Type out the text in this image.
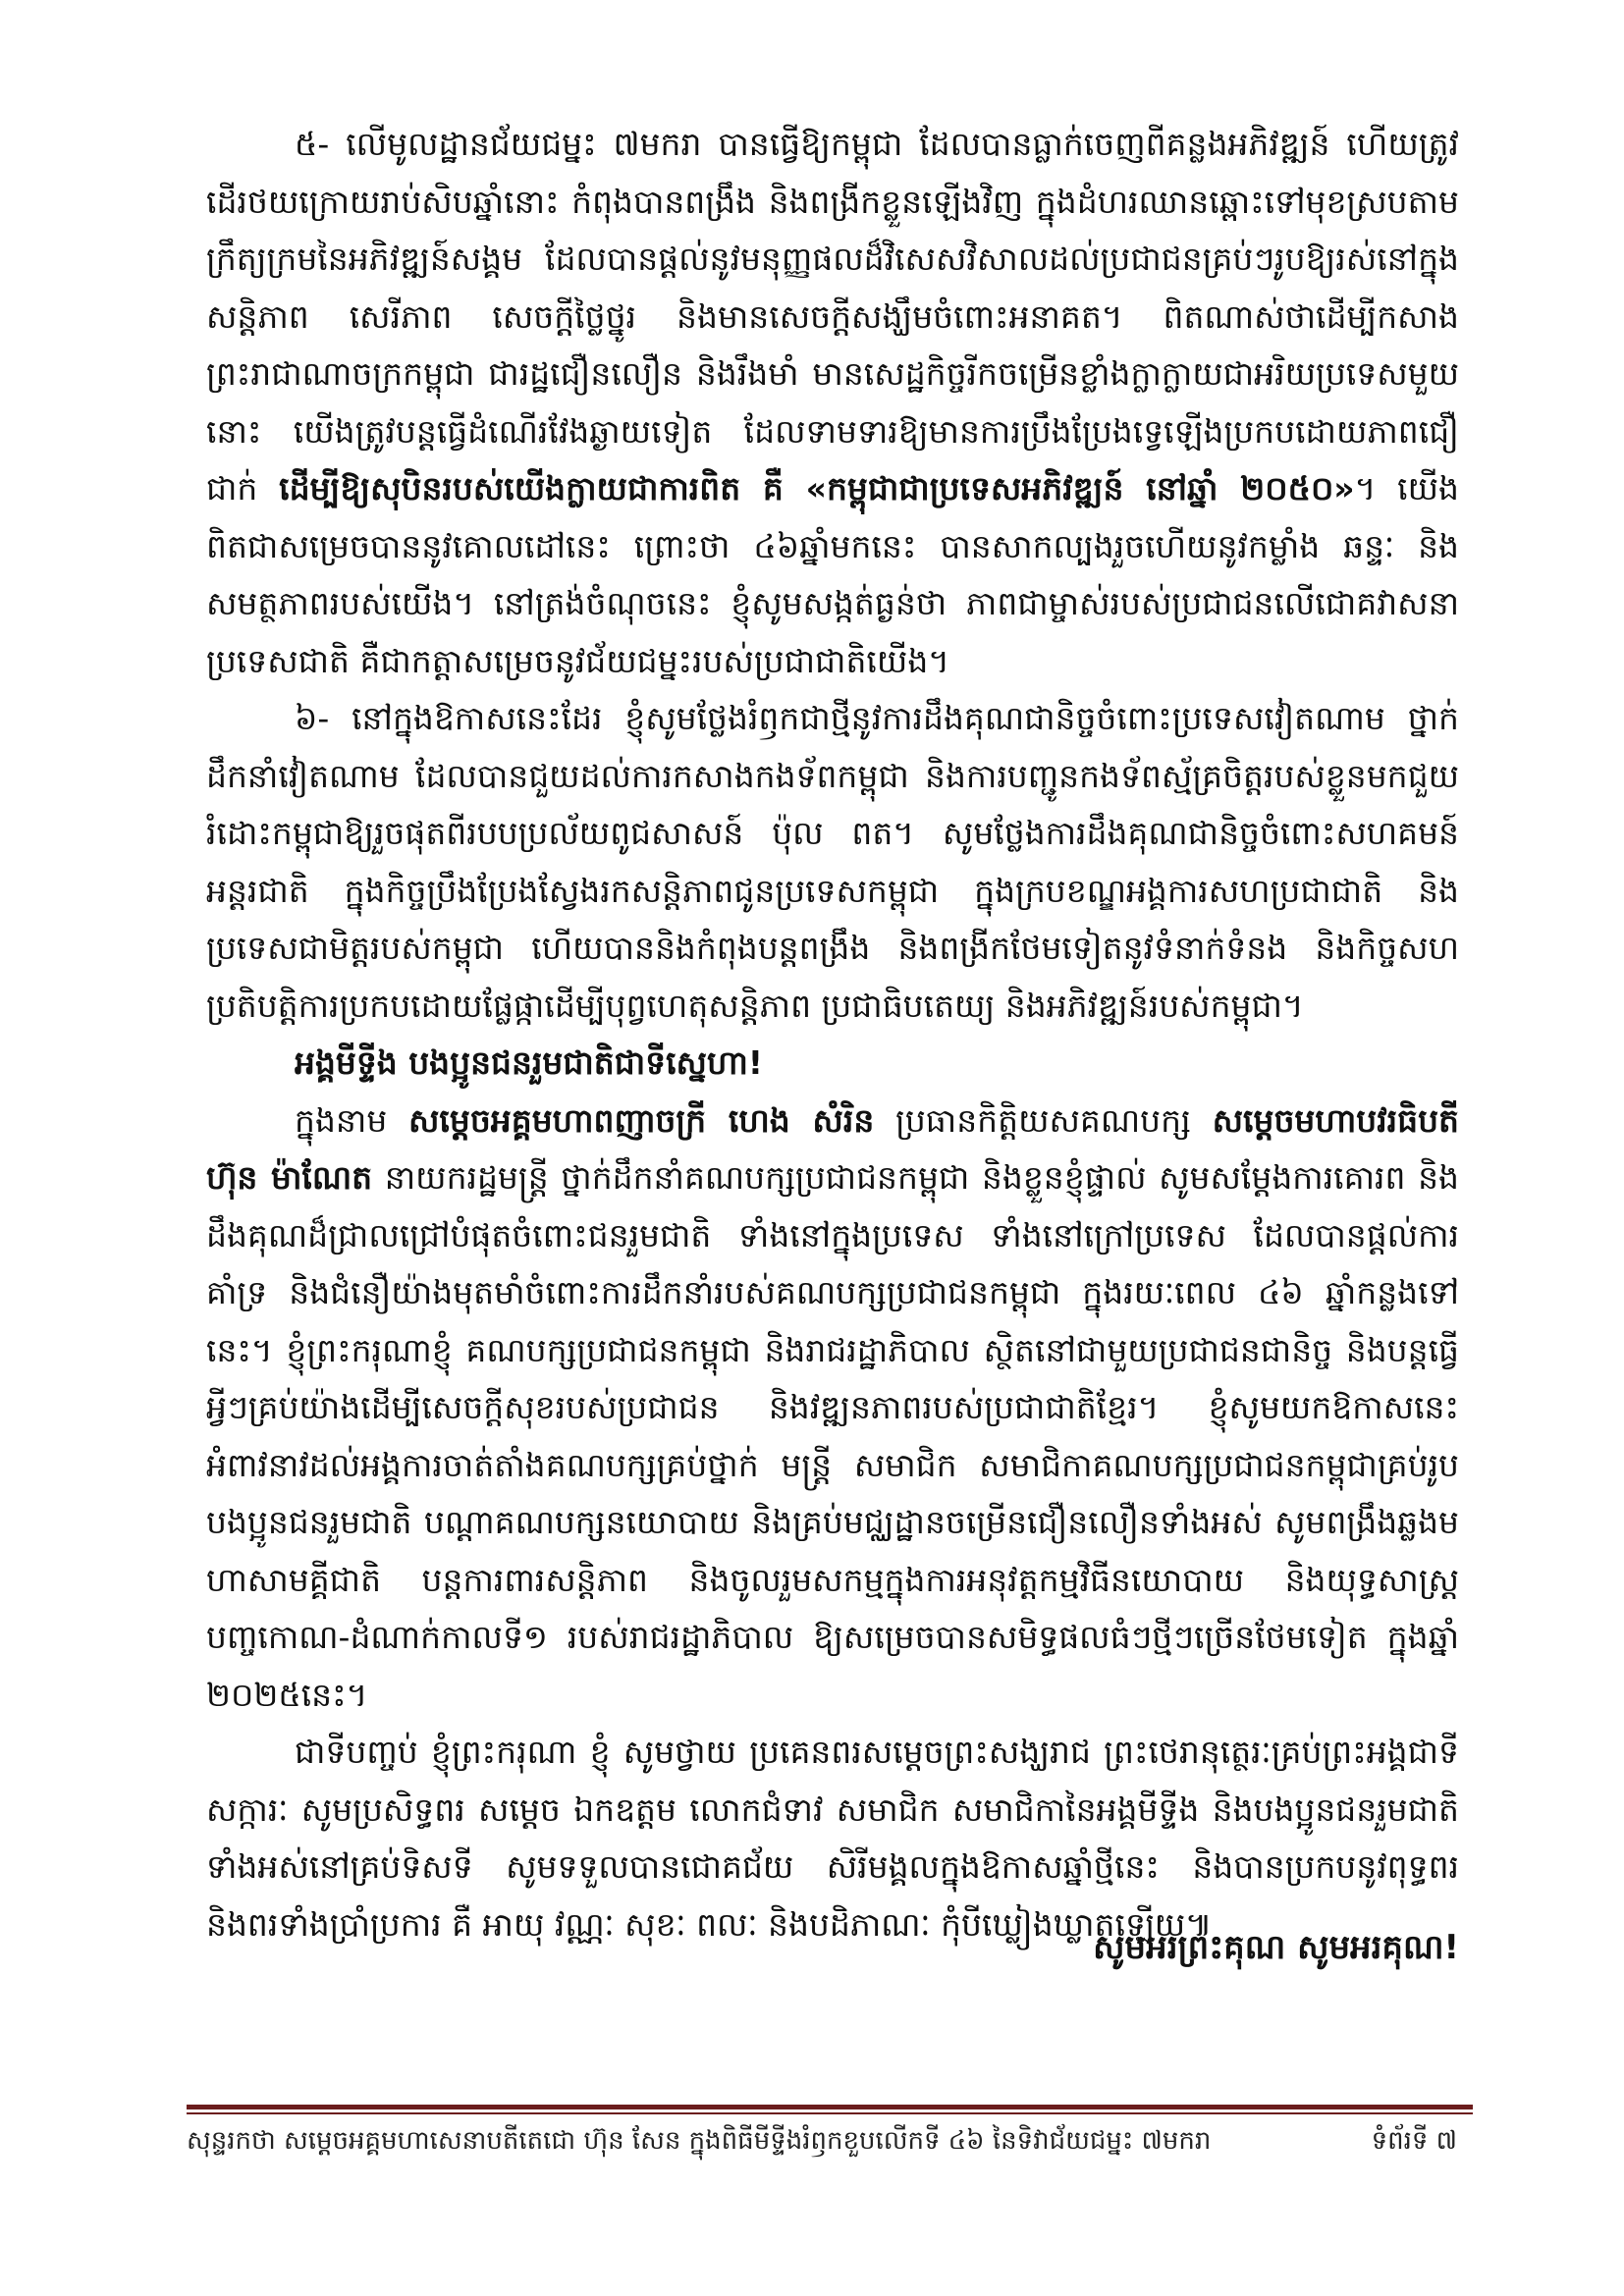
៥- លើមូលដ្ឋានជ័យជម្នះ ៧មករា បានធ្វើឱ្យកម្ពុជា ដែលបានធ្លាក់ចេញពីគន្លងអភិវឌ្ឍន៍ ហើយត្រូវដើរថយក្រោយរាប់សិបឆ្នាំនោះ កំពុងបានពង្រឹង និងពង្រីកខ្លួនឡើងវិញ ក្នុងដំហរឈានឆ្ពោះទៅមុខស្របតាមក្រឹត្យក្រមនៃអភិវឌ្ឍន៍សង្គម ដែលបានផ្តល់នូវមនុញ្ញផលដ៏វិសេសវិសាលដល់ប្រជាជនគ្រប់ៗរូបឱ្យរស់នៅក្នុងសន្តិភាព សេរីភាព សេចក្តីថ្លៃថ្នូរ និងមានសេចក្តីសង្ឃឹមចំពោះអនាគត។ ពិតណាស់ថាដើម្បីកសាងព្រះរាជាណាចក្រកម្ពុជា ជារដ្ឋជឿនលឿន និងរឹងមាំ មានសេដ្ឋកិច្ចរីកចម្រើនខ្លាំងក្លាក្លាយជាអរិយប្រទេសមួយនោះ យើងត្រូវបន្តធ្វើដំណើរវែងឆ្ងាយទៀត ដែលទាមទារឱ្យមានការប្រឹងប្រែងទ្វេឡើងប្រកបដោយភាពជឿជាក់ ដើម្បីឱ្យសុបិនរបស់យើងក្លាយជាការពិត គឺ «កម្ពុជាជាប្រទេសអភិវឌ្ឍន៍ នៅឆ្នាំ ២០៥០»។ យើងពិតជាសម្រេចបាននូវគោលដៅនេះ ព្រោះថា ៤៦ឆ្នាំមកនេះ បានសាកល្បងរួចហើយនូវកម្លាំង ឆន្ទៈ និងសមត្ថភាពរបស់យើង។ នៅត្រង់ចំណុចនេះ ខ្ញុំសូមសង្កត់ធ្ងន់ថា ភាពជាម្ចាស់របស់ប្រជាជនលើជោគវាសនាប្រទេសជាតិ គឺជាកត្តាសម្រេចនូវជ័យជម្នះរបស់ប្រជាជាតិយើង។

៦- នៅក្នុងឱកាសនេះដែរ ខ្ញុំសូមថ្លែងរំឭកជាថ្មីនូវការដឹងគុណជានិច្ចចំពោះប្រទេសវៀតណាម ថ្នាក់ដឹកនាំវៀតណាម ដែលបានជួយដល់ការកសាងកងទ័ពកម្ពុជា និងការបញ្ជូនកងទ័ពស្ម័គ្រចិត្តរបស់ខ្លួនមកជួយរំដោះកម្ពុជាឱ្យរួចផុតពីរបបប្រល័យពូជសាសន៍ ប៉ុល ពត។ សូមថ្លែងការដឹងគុណជានិច្ចចំពោះសហគមន៍អន្តរជាតិ ក្នុងកិច្ចប្រឹងប្រែងស្វែងរកសន្តិភាពជូនប្រទេសកម្ពុជា ក្នុងក្របខណ្ឌអង្គការសហប្រជាជាតិ និងប្រទេសជាមិត្តរបស់កម្ពុជា ហើយបាននិងកំពុងបន្តពង្រឹង និងពង្រីកថែមទៀតនូវទំនាក់ទំនង និងកិច្ចសហប្រតិបត្តិការប្រកបដោយផ្លែផ្កាដើម្បីបុព្វហេតុសន្តិភាព ប្រជាធិបតេយ្យ និងអភិវឌ្ឍន៍របស់កម្ពុជា។

អង្គមីទ្ទីង បងប្អូនជនរួមជាតិជាទីស្នេហា!

ក្នុងនាម សម្តេចអគ្គមហាពញាចក្រី ហេង សំរិន ប្រធានកិត្តិយសគណបក្ស សម្តេចមហាបវរធិបតី ហ៊ុន ម៉ាណែត នាយករដ្ឋមន្ត្រី ថ្នាក់ដឹកនាំគណបក្សប្រជាជនកម្ពុជា និងខ្លួនខ្ញុំផ្ទាល់ សូមសម្តែងការគោរព និងដឹងគុណដ៏ជ្រាលជ្រៅបំផុតចំពោះជនរួមជាតិ ទាំងនៅក្នុងប្រទេស ទាំងនៅក្រៅប្រទេស ដែលបានផ្តល់ការគាំទ្រ និងជំនឿយ៉ាងមុតមាំចំពោះការដឹកនាំរបស់គណបក្សប្រជាជនកម្ពុជា ក្នុងរយៈពេល ៤៦ ឆ្នាំកន្លងទៅនេះ។ ខ្ញុំព្រះករុណាខ្ញុំ គណបក្សប្រជាជនកម្ពុជា និងរាជរដ្ឋាភិបាល ស្ថិតនៅជាមួយប្រជាជនជានិច្ច និងបន្តធ្វើអ្វីៗគ្រប់យ៉ាងដើម្បីសេចក្តីសុខរបស់ប្រជាជន និងវឌ្ឍនភាពរបស់ប្រជាជាតិខ្មែរ។ ខ្ញុំសូមយកឱកាសនេះអំពាវនាវដល់អង្គការចាត់តាំងគណបក្សគ្រប់ថ្នាក់ មន្ត្រី សមាជិក សមាជិកាគណបក្សប្រជាជនកម្ពុជាគ្រប់រូប បងប្អូនជនរួមជាតិ បណ្តាគណបក្សនយោបាយ និងគ្រប់មជ្ឈដ្ឋានចម្រើនជឿនលឿនទាំងអស់ សូមពង្រឹងឆ្លងមហាសាមគ្គីជាតិ បន្តការពារសន្តិភាព និងចូលរួមសកម្មក្នុងការអនុវត្តកម្មវិធីនយោបាយ និងយុទ្ធសាស្ត្របញ្ចកោណ-ដំណាក់កាលទី១ របស់រាជរដ្ឋាភិបាល ឱ្យសម្រេចបានសមិទ្ធផលធំៗថ្មីៗច្រើនថែមទៀត ក្នុងឆ្នាំ ២០២៥នេះ។

ជាទីបញ្ចប់ ខ្ញុំព្រះករុណា ខ្ញុំ សូមថ្វាយ ប្រគេនពរសម្តេចព្រះសង្ឃរាជ ព្រះថេរានុត្ថេរៈគ្រប់ព្រះអង្គជាទីសក្ការៈ សូមប្រសិទ្ធពរ សម្តេច ឯកឧត្តម លោកជំទាវ សមាជិក សមាជិកានៃអង្គមីទ្ទីង និងបងប្អូនជនរួមជាតិទាំងអស់នៅគ្រប់ទិសទី សូមទទួលបានជោគជ័យ សិរីមង្គលក្នុងឱកាសឆ្នាំថ្មីនេះ និងបានប្រកបនូវពុទ្ធពរ និងពរទាំងប្រាំប្រការ គឺ អាយុ វណ្ណៈ សុខៈ ពលៈ និងបដិភាណៈ កុំបីឃ្លៀងឃ្លាតឡើយ៕

សូមអរព្រះគុណ សូមអរគុណ!
សុន្ទរកថា សម្តេចអគ្គមហាសេនាបតីតេជោ ហ៊ុន សែន ក្នុងពិធីមីទ្ទីងរំឭកខួបលើកទី ៤៦ នៃទិវាជ័យជម្នះ ៧មករា	ទំព័រទី ៧
